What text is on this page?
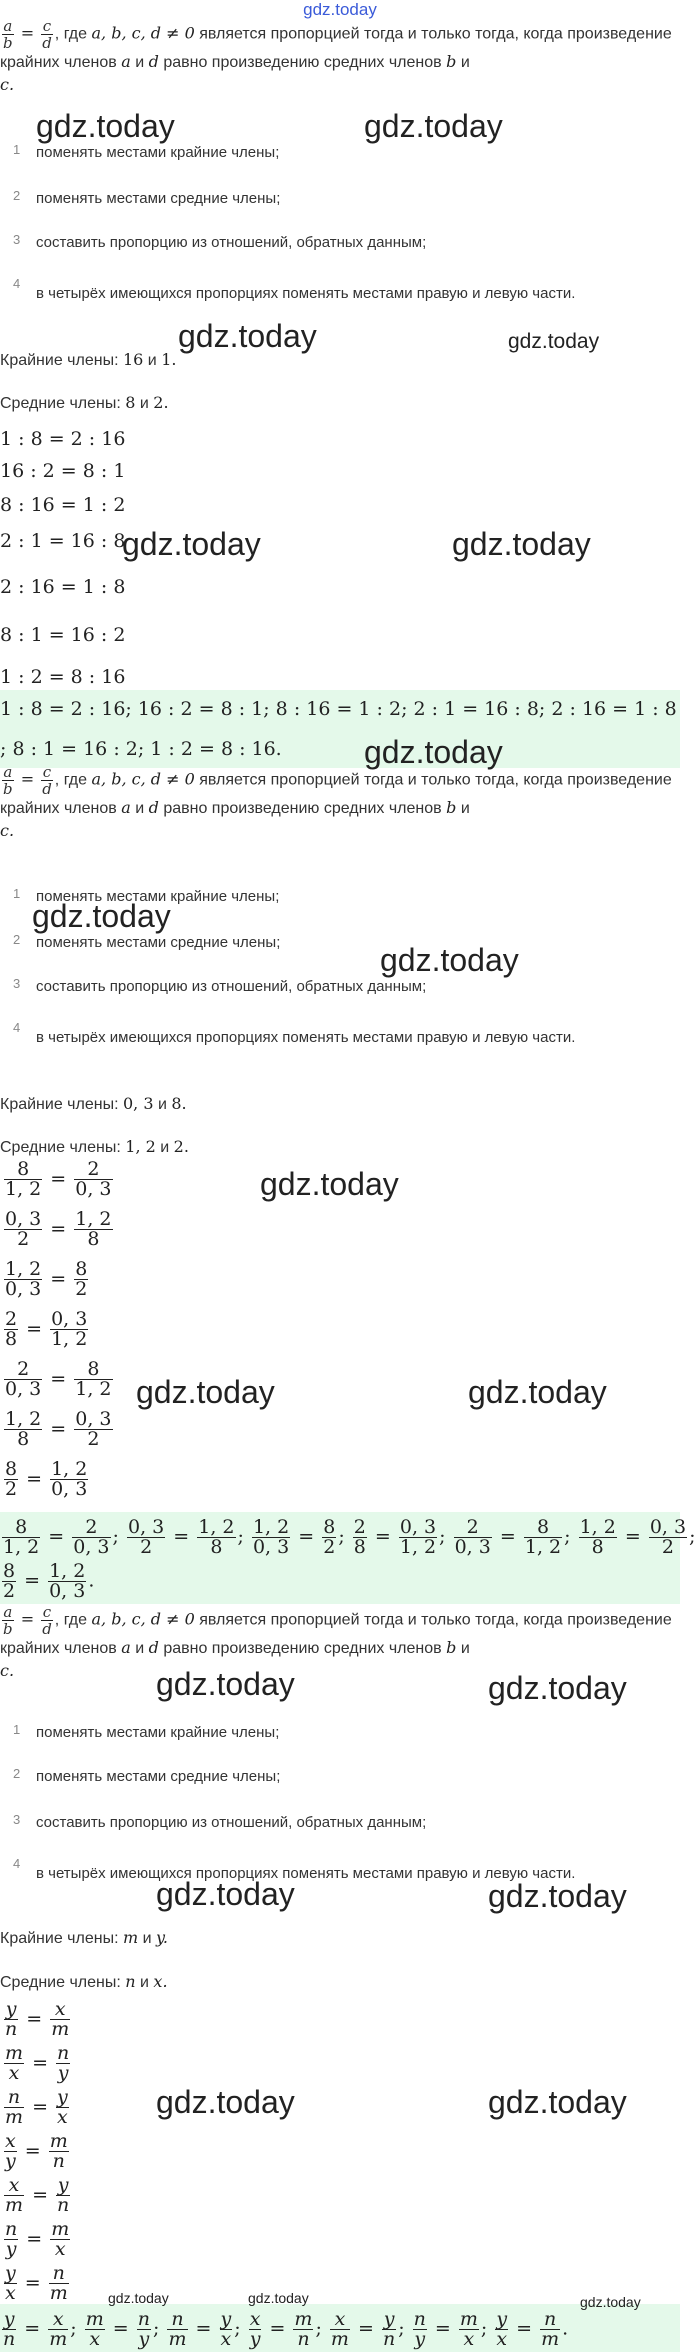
gdz.today
$\frac{a}{b} = \frac{c}{d}$ , где a, b, c, d ≠ 0 является пропорцией тогда и только тогда, когда произведение крайних членов a и d равно произведению средних членов b и
c.
1 поменять местами крайние члены;
2 поменять местами средние члены;
3 составить пропорцию из отношений, обратных данным;
4
в четырёх имеющихся пропорциях поменять местами правую и левую части.
Крайние члены: 16 и 1.
Средние члены: 8 и 2.
1 : 8 = 2 : 16
16 : 2 = 8 : 1
8 : 16 = 1 : 2
2 : 1 = 16 : 8
2 : 16 = 1 : 8
8 : 1 = 16 : 2
1 : 2 = 8 : 16
1 : 8 = 2 : 16; 16 : 2 = 8 : 1; 8 : 16 = 1 : 2; 2 : 1 = 16 : 8; 2 : 16 = 1 : 8
; 8 : 1 = 16 : 2; 1 : 2 = 8 : 16.
$\frac{a}{b} = \frac{c}{d}$ , где a, b, c, d ≠ 0 является пропорцией тогда и только тогда, когда произведение крайних членов a и d равно произведению средних членов b и
c.
1 поменять местами крайние члены;
2 поменять местами средние члены;
3 составить пропорцию из отношений, обратных данным;
4
в четырёх имеющихся пропорциях поменять местами правую и левую части.
Крайние члены: 0, 3 и 8.
Средние члены: 1, 2 и 2.
$\frac{8}{1, 2} = \frac{2}{0, 3}$
$\frac{0, 3}{2} = \frac{1, 2}{8}$
$\frac{1, 2}{0, 3} = \frac{8}{2}$
$\frac{2}{8} = \frac{0, 3}{1, 2}$
$\frac{2}{0, 3} = \frac{8}{1, 2}$
$\frac{1, 2}{8} = \frac{0, 3}{2}$
$\frac{8}{2} = \frac{1, 2}{0, 3}$
$\frac{8}{1, 2} = \frac{2}{0, 3}$ ; $\frac{0, 3}{2} = \frac{1, 2}{8}$ ; $\frac{1, 2}{0, 3} = \frac{8}{2}$ ; $\frac{2}{8} = \frac{0, 3}{1, 2}$ ; $\frac{2}{0, 3} = \frac{8}{1, 2}$ ; $\frac{1, 2}{8} = \frac{0, 3}{2}$ ;
$\frac{8}{2} = \frac{1, 2}{0, 3}$ .
$\frac{a}{b} = \frac{c}{d}$ , где a, b, c, d ≠ 0 является пропорцией тогда и только тогда, когда произведение крайних членов a и d равно произведению средних членов b и
c.
1 поменять местами крайние члены;
2 поменять местами средние члены;
3 составить пропорцию из отношений, обратных данным;
4
в четырёх имеющихся пропорциях поменять местами правую и левую части.
Крайние члены: m и y.
Средние члены: n и x.
$\frac{y}{n} = \frac{x}{m}$
$\frac{m}{x} = \frac{n}{y}$
$\frac{n}{m} = \frac{y}{x}$
$\frac{x}{y} = \frac{m}{n}$
$\frac{x}{m} = \frac{y}{n}$
$\frac{n}{y} = \frac{m}{x}$
$\frac{y}{x} = \frac{n}{m}$
$\frac{y}{n} = \frac{x}{m}$ ; $\frac{m}{x} = \frac{n}{y}$ ; $\frac{n}{m} = \frac{y}{x}$ ; $\frac{x}{y} = \frac{m}{n}$ ; $\frac{x}{m} = \frac{y}{n}$ ; $\frac{n}{y} = \frac{m}{x}$ ; $\frac{y}{x} = \frac{n}{m}$ .
gdz.today	gdz.today
gdz.today	gdz.today
gdz.today	gdz.today
gdz.today
gdz.today
gdz.today
gdz.today
gdz.today	gdz.today
gdz.today	gdz.today
gdz.today	gdz.today
gdz.today	gdz.today
gdz.today	gdz.today	gdz.today
